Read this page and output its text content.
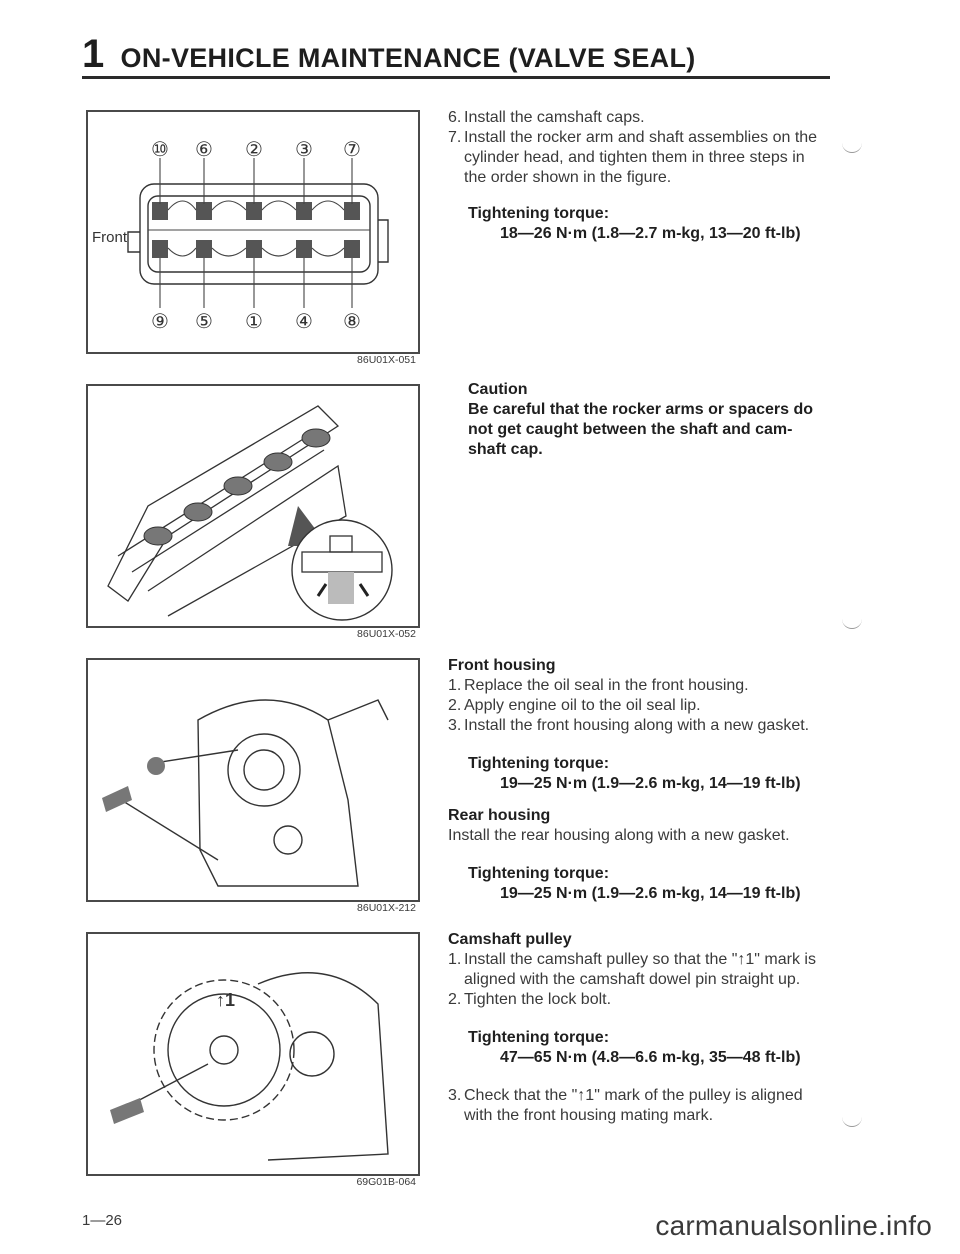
1 ON-VEHICLE MAINTENANCE (VALVE SEAL)
⑩ ⑥ ② ③ ⑦
⑨ ⑤ ① ④ ⑧
Front
86U01X-051
86U01X-052
86U01X-212
↑1
69G01B-064
6. Install the camshaft caps.
7. Install the rocker arm and shaft assemblies on the cylinder head, and tighten them in three steps in the order shown in the figure.
Tightening torque:
18—26 N·m (1.8—2.7 m-kg, 13—20 ft-lb)
Caution
Be careful that the rocker arms or spacers do not get caught between the shaft and cam-shaft cap.
Front housing
1. Replace the oil seal in the front housing.
2. Apply engine oil to the oil seal lip.
3. Install the front housing along with a new gasket.
Tightening torque:
19—25 N·m (1.9—2.6 m-kg, 14—19 ft-lb)
Rear housing
Install the rear housing along with a new gasket.
Tightening torque:
19—25 N·m (1.9—2.6 m-kg, 14—19 ft-lb)
Camshaft pulley
1. Install the camshaft pulley so that the "↑1" mark is aligned with the camshaft dowel pin straight up.
2. Tighten the lock bolt.
Tightening torque:
47—65 N·m (4.8—6.6 m-kg, 35—48 ft-lb)
3. Check that the "↑1" mark of the pulley is aligned with the front housing mating mark.
1—26	carmanualsonline.info
